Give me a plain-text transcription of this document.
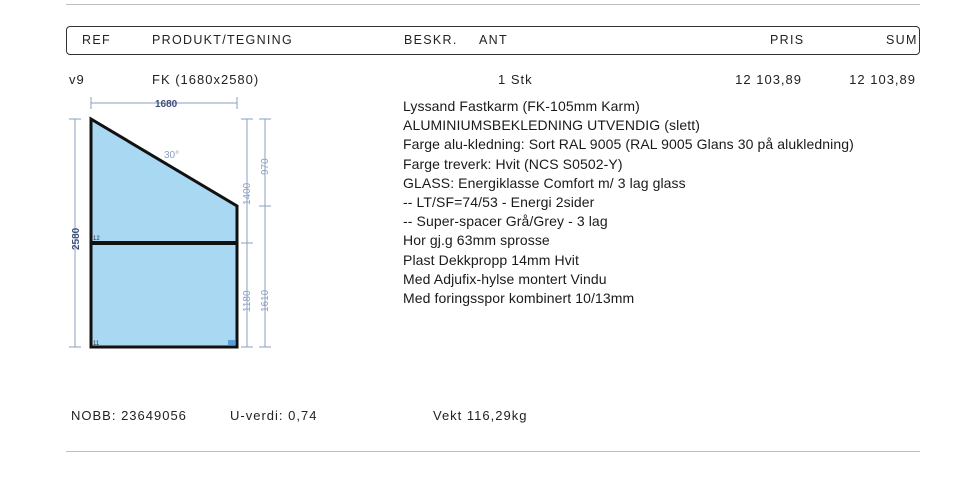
REF	PRODUKT/TEGNING	BESKR. ANT	PRIS	SUM
v9	FK (1680x2580)	1 Stk	12 103,89	12 103,89
1680
2580
1400
970
1180 1610
30°
12
11
Lyssand Fastkarm (FK-105mm Karm)
ALUMINIUMSBEKLEDNING UTVENDIG (slett)
Farge alu-kledning: Sort RAL 9005 (RAL 9005 Glans 30 på alukledning)
Farge treverk: Hvit (NCS S0502-Y)
GLASS: Energiklasse Comfort m/ 3 lag glass
-- LT/SF=74/53 - Energi 2sider
-- Super-spacer Grå/Grey - 3 lag
Hor gj.g 63mm sprosse
Plast Dekkpropp 14mm Hvit
Med Adjufix-hylse montert Vindu
Med foringsspor kombinert 10/13mm
NOBB: 23649056	U-verdi: 0,74	Vekt 116,29kg
